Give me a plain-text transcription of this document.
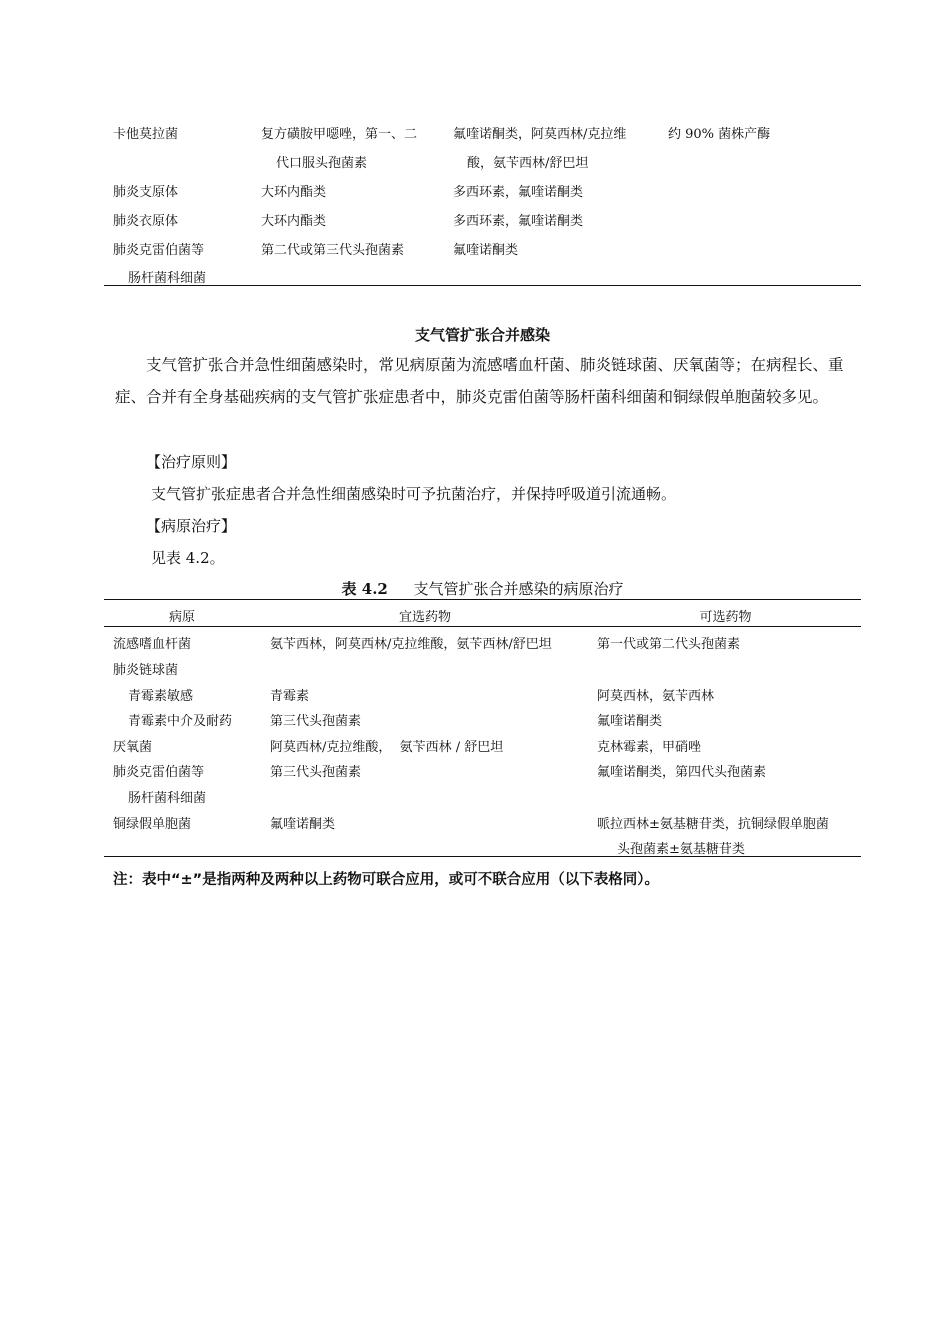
卡他莫拉菌	复方磺胺甲噁唑，第一、二	氟喹诺酮类，阿莫西林/克拉维	约 90% 菌株产酶
代口服头孢菌素	酸，氨苄西林/舒巴坦
肺炎支原体	大环内酯类	多西环素，氟喹诺酮类
肺炎衣原体	大环内酯类	多西环素，氟喹诺酮类
肺炎克雷伯菌等	第二代或第三代头孢菌素	氟喹诺酮类
肠杆菌科细菌
支气管扩张合并感染
支气管扩张合并急性细菌感染时，常见病原菌为流感嗜血杆菌、肺炎链球菌、厌氧菌等；在病程长、重症、合并有全身基础疾病的支气管扩张症患者中，肺炎克雷伯菌等肠杆菌科细菌和铜绿假单胞菌较多见。
【治疗原则】
支气管扩张症患者合并急性细菌感染时可予抗菌治疗，并保持呼吸道引流通畅。
【病原治疗】
见表 4.2。
表 4.2 支气管扩张合并感染的病原治疗
病原	宜选药物	可选药物
流感嗜血杆菌	氨苄西林，阿莫西林/克拉维酸，氨苄西林/舒巴坦	第一代或第二代头孢菌素
肺炎链球菌
青霉素敏感	青霉素	阿莫西林，氨苄西林
青霉素中介及耐药	第三代头孢菌素	氟喹诺酮类
厌氧菌	阿莫西林/克拉维酸，  氨苄西林 / 舒巴坦	克林霉素，甲硝唑
肺炎克雷伯菌等	第三代头孢菌素	氟喹诺酮类，第四代头孢菌素
肠杆菌科细菌
铜绿假单胞菌	氟喹诺酮类	哌拉西林±氨基糖苷类，抗铜绿假单胞菌
头孢菌素±氨基糖苷类
注：表中“±”是指两种及两种以上药物可联合应用，或可不联合应用（以下表格同）。
